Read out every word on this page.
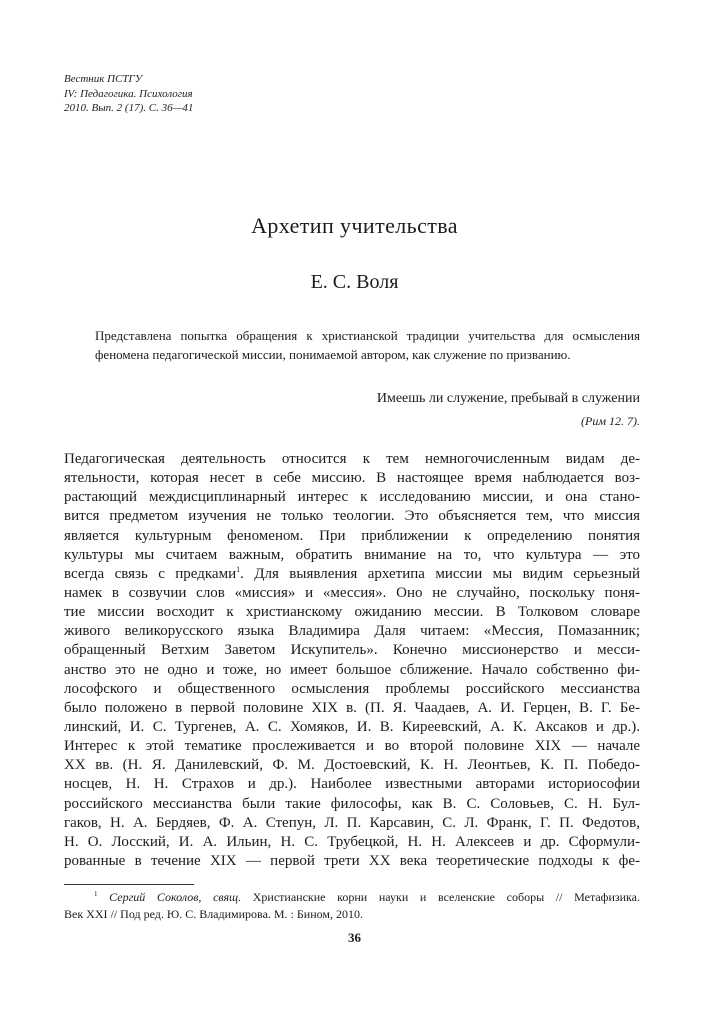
Вестник ПСТГУ
IV: Педагогика. Психология
2010. Вып. 2 (17). С. 36—41
Архетип учительства
Е. С. Воля
Представлена попытка обращения к христианской традиции учительства для осмысления
феномена педагогической миссии, понимаемой автором, как служение по призванию.
Имеешь ли служение, пребывай в служении
(Рим 12. 7).
Педагогическая деятельность относится к тем немногочисленным видам де-
ятельности, которая несет в себе миссию. В настоящее время наблюдается воз-
растающий междисциплинарный интерес к исследованию миссии, и она стано-
вится предметом изучения не только теологии. Это объясняется тем, что миссия
является культурным феноменом. При приближении к определению понятия
культуры мы считаем важным, обратить внимание на то, что культура — это
всегда связь с предками$^1$. Для выявления архетипа миссии мы видим серьезный
намек в созвучии слов «миссия» и «мессия». Оно не случайно, поскольку поня-
тие миссии восходит к христианскому ожиданию мессии. В Толковом словаре
живого великорусского языка Владимира Даля читаем: «Мессия, Помазанник;
обращенный Ветхим Заветом Искупитель». Конечно миссионерство и месси-
анство это не одно и тоже, но имеет большое сближение. Начало собственно фи-
лософского и общественного осмысления проблемы российского мессианства
было положено в первой половине XIX в. (П. Я. Чаадаев, А. И. Герцен, В. Г. Бе-
линский, И. С. Тургенев, А. С. Хомяков, И. В. Киреевский, А. К. Аксаков и др.).
Интерес к этой тематике прослеживается и во второй половине XIX — начале
XX вв. (Н. Я. Данилевский, Ф. М. Достоевский, К. Н. Леонтьев, К. П. Победо-
носцев, Н. Н. Страхов и др.). Наиболее известными авторами историософии
российского мессианства были такие философы, как В. С. Соловьев, С. Н. Бул-
гаков, Н. А. Бердяев, Ф. А. Степун, Л. П. Карсавин, С. Л. Франк, Г. П. Федотов,
Н. О. Лосский, И. А. Ильин, Н. С. Трубецкой, Н. Н. Алексеев и др. Сформули-
рованные в течение XIX — первой трети XX века теоретические подходы к фе-
$^1$ Сергий Соколов, свящ. Христианские корни науки и вселенские соборы // Метафизика.
Век XXI // Под ред. Ю. С. Владимирова. М. : Бином, 2010.
36
